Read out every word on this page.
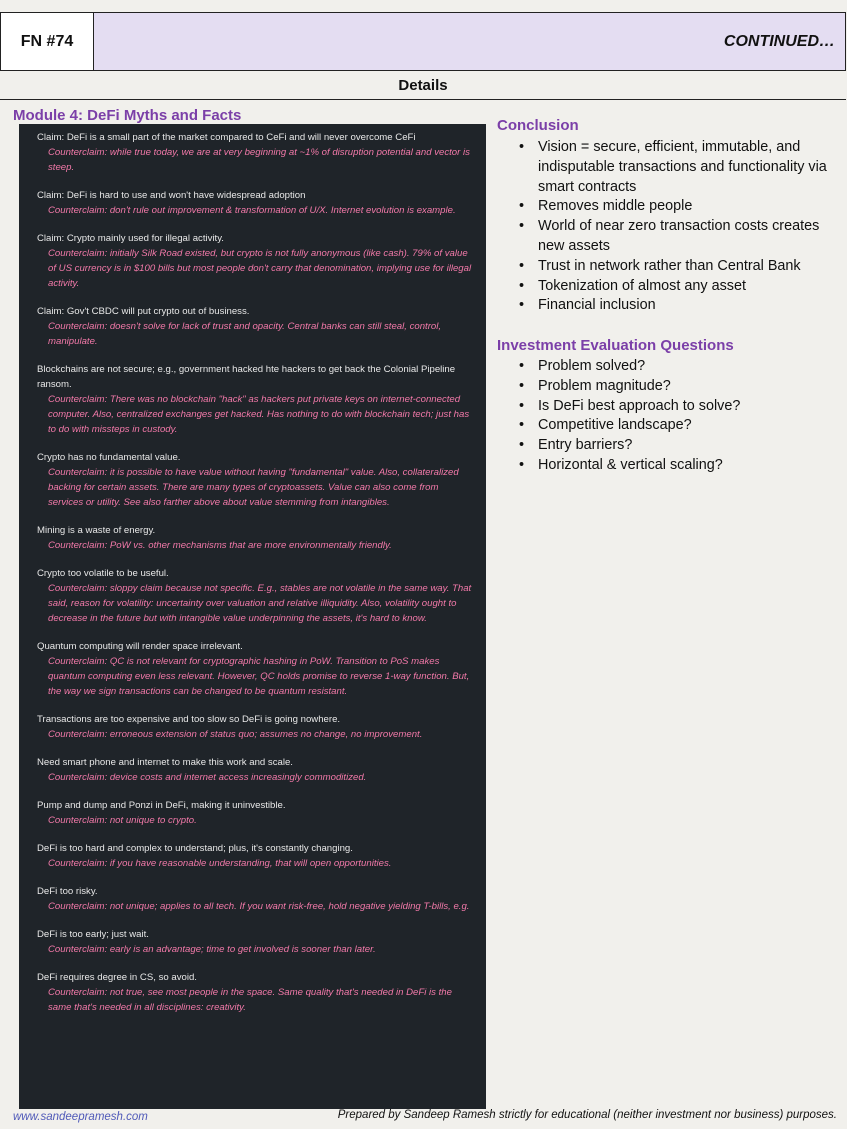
FN #74	CONTINUED…
Details
Module 4: DeFi Myths and Facts
Claim: DeFi is a small part of the market compared to CeFi and will never overcome CeFi
Counterclaim: while true today, we are at very beginning at ~1% of disruption potential and vector is steep.
Claim: DeFi is hard to use and won't have widespread adoption
Counterclaim: don't rule out improvement & transformation of U/X. Internet evolution is example.
Claim: Crypto mainly used for illegal activity.
Counterclaim: initially Silk Road existed, but crypto is not fully anonymous (like cash). 79% of value of US currency is in $100 bills but most people don't carry that denomination, implying use for illegal activity.
Claim: Gov't CBDC will put crypto out of business.
Counterclaim: doesn't solve for lack of trust and opacity. Central banks can still steal, control, manipulate.
Blockchains are not secure; e.g., government hacked hte hackers to get back the Colonial Pipeline ransom.
Counterclaim: There was no blockchain "hack" as hackers put private keys on internet-connected computer. Also, centralized exchanges get hacked. Has nothing to do with blockchain tech; just has to do with missteps in custody.
Crypto has no fundamental value.
Counterclaim: it is possible to have value without having "fundamental" value. Also, collateralized backing for certain assets. There are many types of cryptoassets. Value can also come from services or utility. See also farther above about value stemming from intangibles.
Mining is a waste of energy.
Counterclaim: PoW vs. other mechanisms that are more environmentally friendly.
Crypto too volatile to be useful.
Counterclaim: sloppy claim because not specific. E.g., stables are not volatile in the same way. That said, reason for volatility: uncertainty over valuation and relative illiquidity. Also, volatility ought to decrease in the future but with intangible value underpinning the assets, it's hard to know.
Quantum computing will render space irrelevant.
Counterclaim: QC is not relevant for cryptographic hashing in PoW. Transition to PoS makes quantum computing even less relevant. However, QC holds promise to reverse 1-way function. But, the way we sign transactions can be changed to be quantum resistant.
Transactions are too expensive and too slow so DeFi is going nowhere.
Counterclaim: erroneous extension of status quo; assumes no change, no improvement.
Need smart phone and internet to make this work and scale.
Counterclaim: device costs and internet access increasingly commoditized.
Pump and dump and Ponzi in DeFi, making it uninvestible.
Counterclaim: not unique to crypto.
DeFi is too hard and complex to understand; plus, it's constantly changing.
Counterclaim: if you have reasonable understanding, that will open opportunities.
DeFi too risky.
Counterclaim: not unique; applies to all tech. If you want risk-free, hold negative yielding T-bills, e.g.
DeFi is too early; just wait.
Counterclaim: early is an advantage; time to get involved is sooner than later.
DeFi requires degree in CS, so avoid.
Counterclaim: not true, see most people in the space. Same quality that's needed in DeFi is the same that's needed in all disciplines: creativity.
Conclusion
• Vision = secure, efficient, immutable, and indisputable transactions and functionality via smart contracts
• Removes middle people
• World of near zero transaction costs creates new assets
• Trust in network rather than Central Bank
• Tokenization of almost any asset
• Financial inclusion
Investment Evaluation Questions
• Problem solved?
• Problem magnitude?
• Is DeFi best approach to solve?
• Competitive landscape?
• Entry barriers?
• Horizontal & vertical scaling?
www.sandeepramesh.com	Prepared by Sandeep Ramesh strictly for educational (neither investment nor business) purposes.
